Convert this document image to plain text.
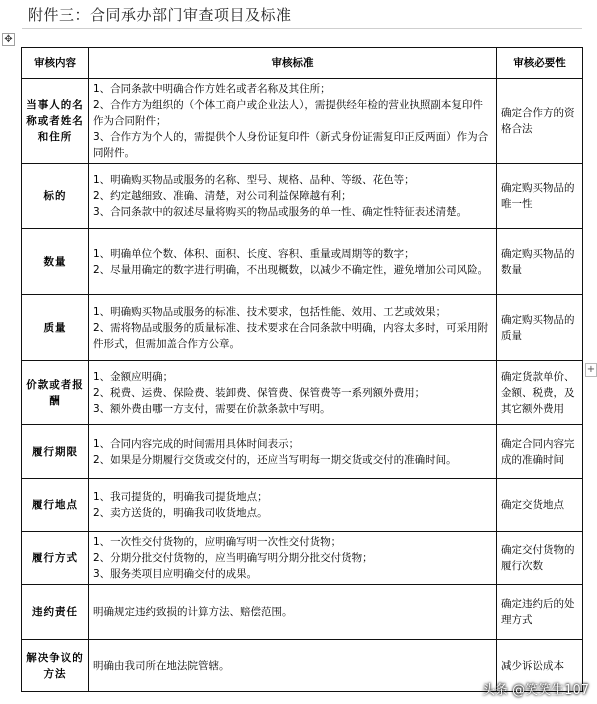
附件三：合同承办部门审查项目及标准
✥
+
审核内容	审核标准	审核必要性
当事人的名称或者姓名和住所	1、合同条款中明确合作方姓名或者名称及其住所；
2、合作方为组织的（个体工商户或企业法人），需提供经年检的营业执照副本复印件作为合同附件；
3、合作方为个人的，需提供个人身份证复印件（新式身份证需复印正反两面）作为合同附件。	确定合作方的资格合法
标的	1、明确购买物品或服务的名称、型号、规格、品种、等级、花色等；
2、约定越细致、准确、清楚，对公司利益保障越有利；
3、合同条款中的叙述尽量将购买的物品或服务的单一性、确定性特征表述清楚。	确定购买物品的唯一性
数量	1、明确单位个数、体积、面积、长度、容积、重量或周期等的数字；
2、尽量用确定的数字进行明确，不出现概数，以减少不确定性，避免增加公司风险。	确定购买物品的数量
质量	1、明确购买物品或服务的标准、技术要求，包括性能、效用、工艺或效果；
2、需将物品或服务的质量标准、技术要求在合同条款中明确，内容太多时，可采用附件形式，但需加盖合作方公章。	确定购买物品的质量
价款或者报酬	1、金额应明确；
2、税费、运费、保险费、装卸费、保管费、保管费等一系列额外费用；
3、额外费由哪一方支付，需要在价款条款中写明。	确定货款单价、金额、税费，及其它额外费用
履行期限	1、合同内容完成的时间需用具体时间表示；
2、如果是分期履行交货或交付的，还应当写明每一期交货或交付的准确时间。	确定合同内容完成的准确时间
履行地点	1、我司提货的，明确我司提货地点；
2、卖方送货的，明确我司收货地点。	确定交货地点
履行方式	1、一次性交付货物的，应明确写明一次性交付货物；
2、分期分批交付货物的，应当明确写明分期分批交付货物；
3、服务类项目应明确交付的成果。	确定交付货物的履行次数
违约责任	明确规定违约致损的计算方法、赔偿范围。	确定违约后的处理方式
解决争议的方法	明确由我司所在地法院管辖。	减少诉讼成本
头条 @笑笑生107
